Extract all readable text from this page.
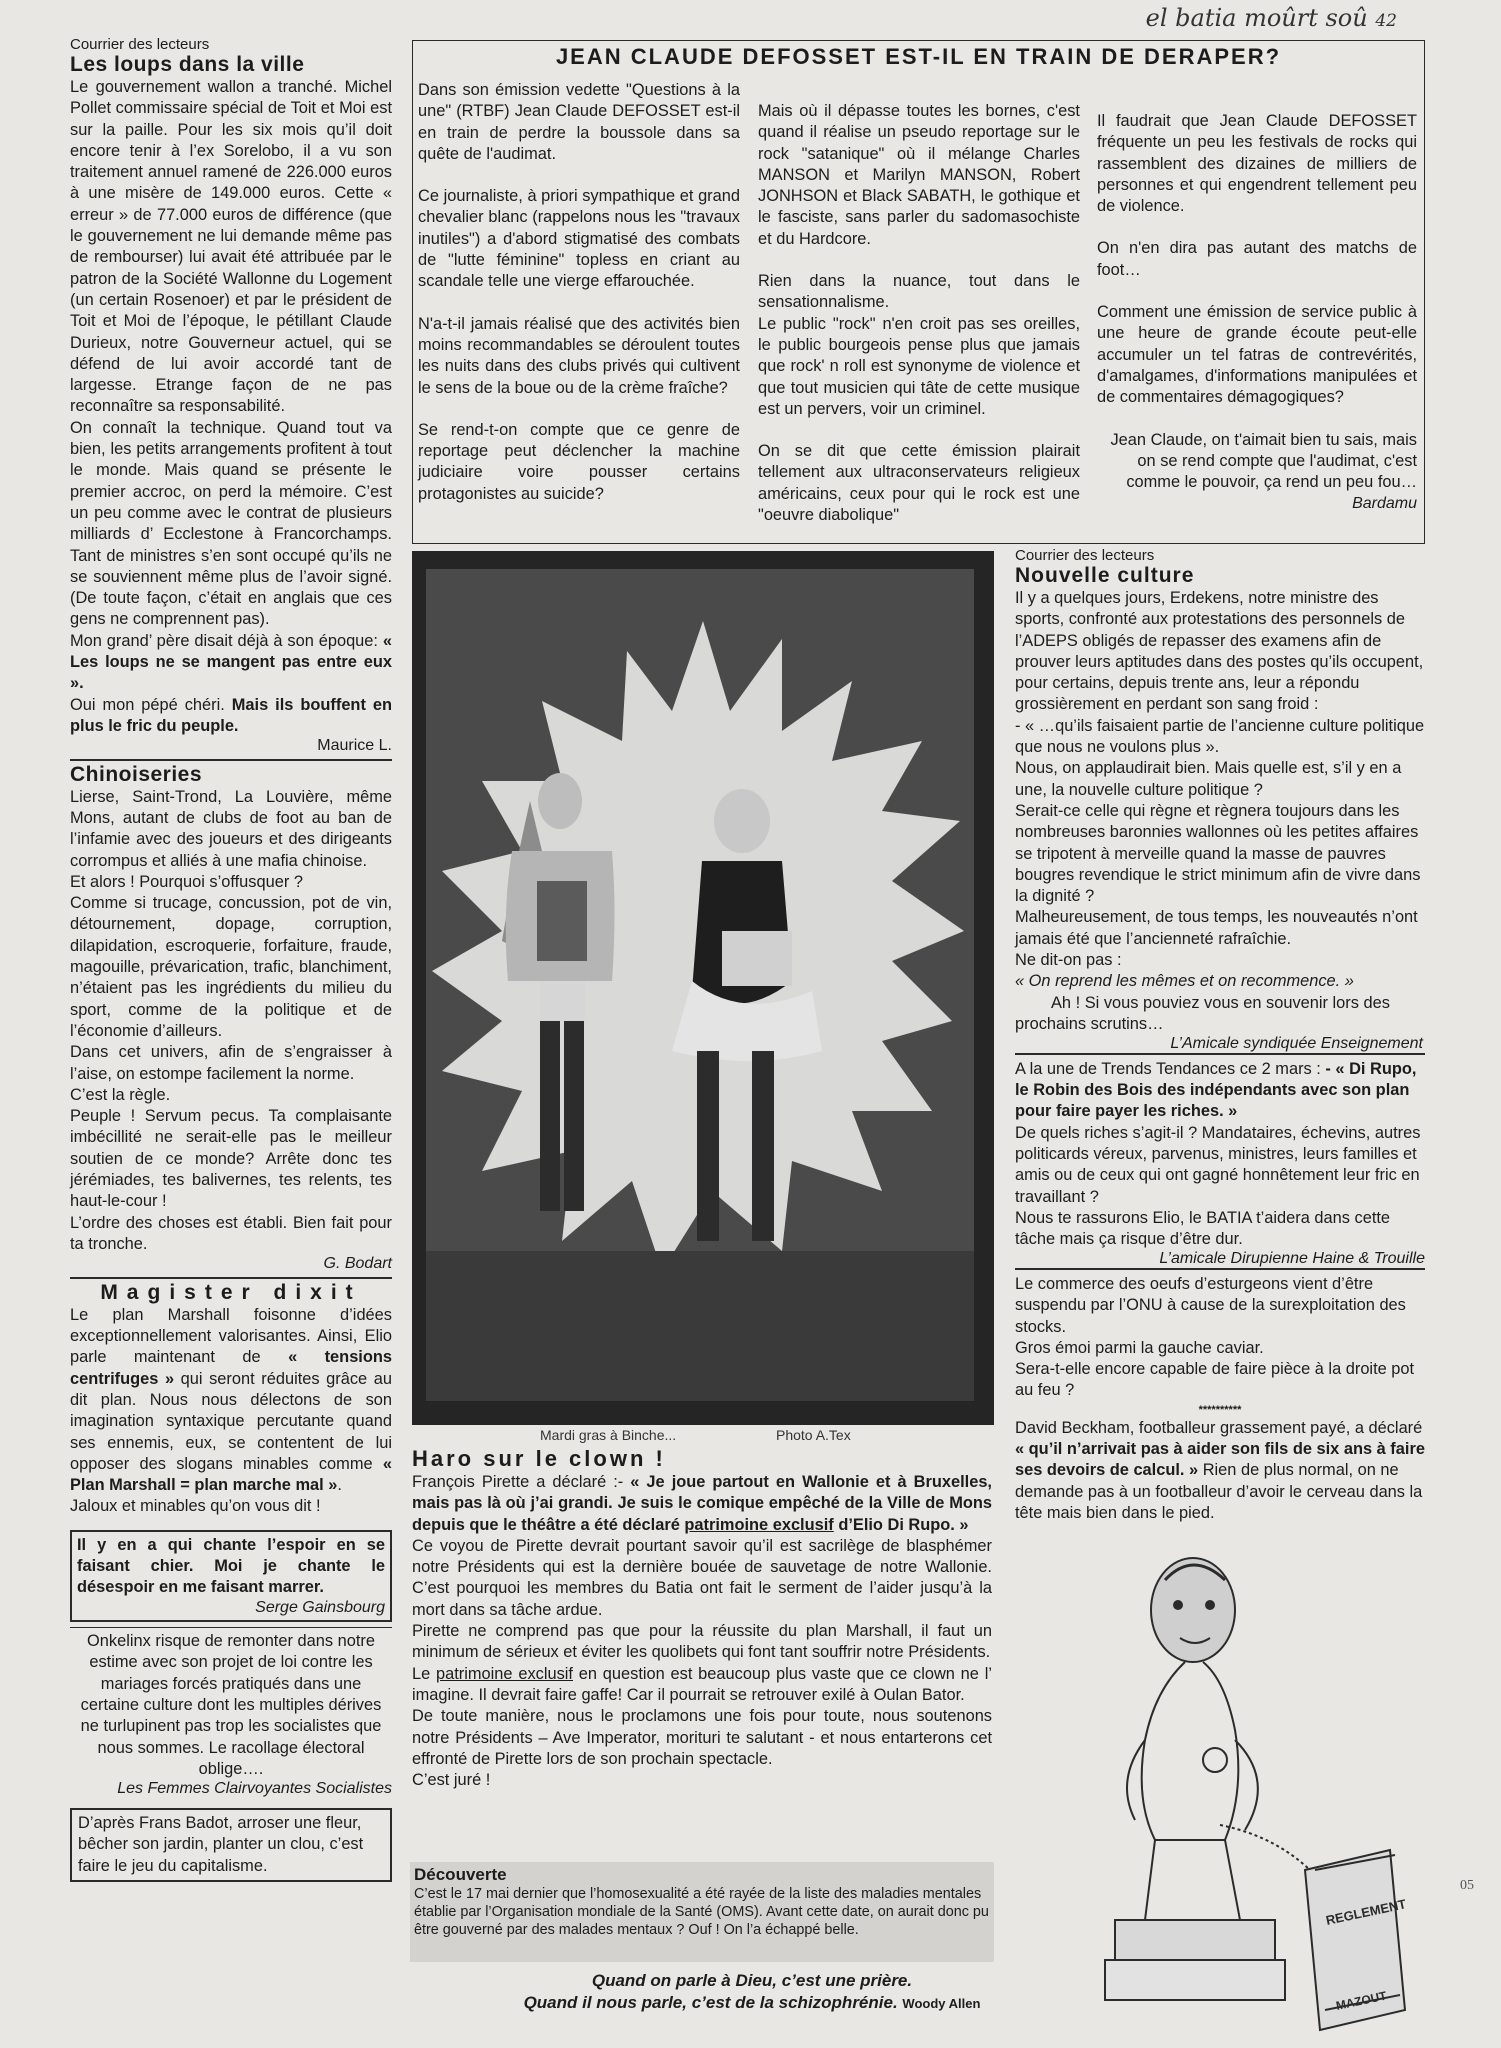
el batia moûrt soû 42
Courrier des lecteurs
Les loups dans la ville

Le gouvernement wallon a tranché. Michel Pollet commissaire spécial de Toit et Moi est sur la paille. Pour les six mois qu’il doit encore tenir à l’ex Sorelobo, il a vu son traitement annuel ramené de 226.000 euros à une misère de 149.000 euros. Cette « erreur » de 77.000 euros de différence (que le gouvernement ne lui demande même pas de rembourser) lui avait été attribuée par le patron de la Société Wallonne du Logement (un certain Rosenoer) et par le président de Toit et Moi de l’époque, le pétillant Claude Durieux, notre Gouverneur actuel, qui se défend de lui avoir accordé tant de largesse. Etrange façon de ne pas reconnaître sa responsabilité.

On connaît la technique. Quand tout va bien, les petits arrangements profitent à tout le monde. Mais quand se présente le premier accroc, on perd la mémoire. C’est un peu comme avec le contrat de plusieurs milliards d’ Ecclestone à Francorchamps. Tant de ministres s’en sont occupé qu’ils ne se souviennent même plus de l’avoir signé. (De toute façon, c’était en anglais que ces gens ne comprennent pas).

Mon grand’ père disait déjà à son époque: « Les loups ne se mangent pas entre eux ».

Oui mon pépé chéri. Mais ils bouffent en plus le fric du peuple.

Maurice L.
Chinoiseries

Lierse, Saint-Trond, La Louvière, même Mons, autant de clubs de foot au ban de l’infamie avec des joueurs et des dirigeants corrompus et alliés à une mafia chinoise.

Et alors ! Pourquoi s’offusquer ?

Comme si trucage, concussion, pot de vin, détournement, dopage, corruption, dilapidation, escroquerie, forfaiture, fraude, magouille, prévarication, trafic, blanchiment, n’étaient pas les ingrédients du milieu du sport, comme de la politique et de l’économie d’ailleurs.

Dans cet univers, afin de s’engraisser à l’aise, on estompe facilement la norme.

C’est la règle.

Peuple ! Servum pecus. Ta complaisante imbécillité ne serait-elle pas le meilleur soutien de ce monde? Arrête donc tes jérémiades, tes balivernes, tes relents, tes haut-le-cour !

L’ordre des choses est établi. Bien fait pour ta tronche.

G. Bodart
Magister dixit

Le plan Marshall foisonne d’idées exceptionnellement valorisantes. Ainsi, Elio parle maintenant de « tensions centrifuges » qui seront réduites grâce au dit plan. Nous nous délectons de son imagination syntaxique percutante quand ses ennemis, eux, se contentent de lui opposer des slogans minables comme « Plan Marshall = plan marche mal ».

Jaloux et minables qu’on vous dit !

Il y en a qui chante l’espoir en se faisant chier. Moi je chante le désespoir en me faisant marrer.
Serge Gainsbourg
Onkelinx risque de remonter dans notre estime avec son projet de loi contre les mariages forcés pratiqués dans une certaine culture dont les multiples dérives ne turlupinent pas trop les socialistes que nous sommes. Le racollage électoral oblige….
Les Femmes Clairvoyantes Socialistes
D’après Frans Badot, arroser une fleur, bêcher son jardin, planter un clou, c’est faire le jeu du capitalisme.
JEAN CLAUDE DEFOSSET EST-IL EN TRAIN DE DERAPER?

Dans son émission vedette "Questions à la une" (RTBF) Jean Claude DEFOSSET est-il en train de perdre la boussole dans sa quête de l'audimat.

Ce journaliste, à priori sympathique et grand chevalier blanc (rappelons nous les "travaux inutiles") a d'abord stigmatisé des combats de "lutte féminine" topless en criant au scandale telle une vierge effarouchée.

N'a-t-il jamais réalisé que des activités bien moins recommandables se déroulent toutes les nuits dans des clubs privés qui cultivent le sens de la boue ou de la crème fraîche?

Se rend-t-on compte que ce genre de reportage peut déclencher la machine judiciaire voire pousser certains protagonistes au suicide?

Mais où il dépasse toutes les bornes, c'est quand il réalise un pseudo reportage sur le rock "satanique" où il mélange Charles MANSON et Marilyn MANSON, Robert JONHSON et Black SABATH, le gothique et le fasciste, sans parler du sadomasochiste et du Hardcore.

Rien dans la nuance, tout dans le sensationnalisme.

Le public "rock" n'en croit pas ses oreilles, le public bourgeois pense plus que jamais que rock' n roll est synonyme de violence et que tout musicien qui tâte de cette musique est un pervers, voir un criminel.

On se dit que cette émission plairait tellement aux ultraconservateurs religieux américains, ceux pour qui le rock est une "oeuvre diabolique"

Il faudrait que Jean Claude DEFOSSET fréquente un peu les festivals de rocks qui rassemblent des dizaines de milliers de personnes et qui engendrent tellement peu de violence.

On n'en dira pas autant des matchs de foot…

Comment une émission de service public à une heure de grande écoute peut-elle accumuler un tel fatras de contrevérités, d'amalgames, d'informations manipulées et de commentaires démagogiques?

Jean Claude, on t'aimait bien tu sais, mais on se rend compte que l'audimat, c'est comme le pouvoir, ça rend un peu fou…

Bardamu

Mardi gras à Binche...	Photo A.Tex
Haro sur le clown !

François Pirette a déclaré :- « Je joue partout en Wallonie et à Bruxelles, mais pas là où j’ai grandi. Je suis le comique empêché de la Ville de Mons depuis que le théâtre a été déclaré patrimoine exclusif d’Elio Di Rupo. »

Ce voyou de Pirette devrait pourtant savoir qu’il est sacrilège de blasphémer notre Présidents qui est la dernière bouée de sauvetage de notre Wallonie. C’est pourquoi les membres du Batia ont fait le serment de l’aider jusqu’à la mort dans sa tâche ardue.

Pirette ne comprend pas que pour la réussite du plan Marshall, il faut un minimum de sérieux et éviter les quolibets qui font tant souffrir notre Présidents.

Le patrimoine exclusif en question est beaucoup plus vaste que ce clown ne l’ imagine. Il devrait faire gaffe! Car il pourrait se retrouver exilé à Oulan Bator.

De toute manière, nous le proclamons une fois pour toute, nous soutenons notre Présidents – Ave Imperator, morituri te salutant - et nous entarterons cet effronté de Pirette lors de son prochain spectacle.

C’est juré !

Découverte
C’est le 17 mai dernier que l’homosexualité a été rayée de la liste des maladies mentales établie par l’Organisation mondiale de la Santé (OMS). Avant cette date, on aurait donc pu être gouverné par des malades mentaux ? Ouf ! On l’a échappé belle.
Quand on parle à Dieu, c’est une prière.
Quand il nous parle, c’est de la schizophrénie. Woody Allen
Courrier des lecteurs
Nouvelle culture

Il y a quelques jours, Erdekens, notre ministre des sports, confronté aux protestations des personnels de l’ADEPS obligés de repasser des examens afin de prouver leurs aptitudes dans des postes qu’ils occupent, pour certains, depuis trente ans, leur a répondu grossièrement en perdant son sang froid :

- « …qu’ils faisaient partie de l’ancienne culture politique que nous ne voulons plus ».

Nous, on applaudirait bien. Mais quelle est, s’il y en a une, la nouvelle culture politique ?

Serait-ce celle qui règne et règnera toujours dans les nombreuses baronnies wallonnes où les petites affaires se tripotent à merveille quand la masse de pauvres bougres revendique le strict minimum afin de vivre dans la dignité ?

Malheureusement, de tous temps, les nouveautés n’ont jamais été que l’ancienneté rafraîchie.

Ne dit-on pas :

« On reprend les mêmes et on recommence. »

Ah ! Si vous pouviez vous en souvenir lors des prochains scrutins…

L’Amicale syndiquée Enseignement

A la une de Trends Tendances ce 2 mars : - « Di Rupo, le Robin des Bois des indépendants avec son plan pour faire payer les riches. »

De quels riches s’agit-il ? Mandataires, échevins, autres politicards véreux, parvenus, ministres, leurs familles et amis ou de ceux qui ont gagné honnêtement leur fric en travaillant ?

Nous te rassurons Elio, le BATIA t’aidera dans cette tâche mais ça risque d’être dur.

L’amicale Dirupienne Haine & Trouille

Le commerce des oeufs d’esturgeons vient d’être suspendu par l’ONU à cause de la surexploitation des stocks.

Gros émoi parmi la gauche caviar.

Sera-t-elle encore capable de faire pièce à la droite pot au feu ?

**********

David Beckham, footballeur grassement payé, a déclaré « qu’il n’arrivait pas à aider son fils de six ans à faire ses devoirs de calcul. » Rien de plus normal, on ne demande pas à un footballeur d’avoir le cerveau dans la tête mais bien dans le pied.

REGLEMENT
MAZOUT
05
